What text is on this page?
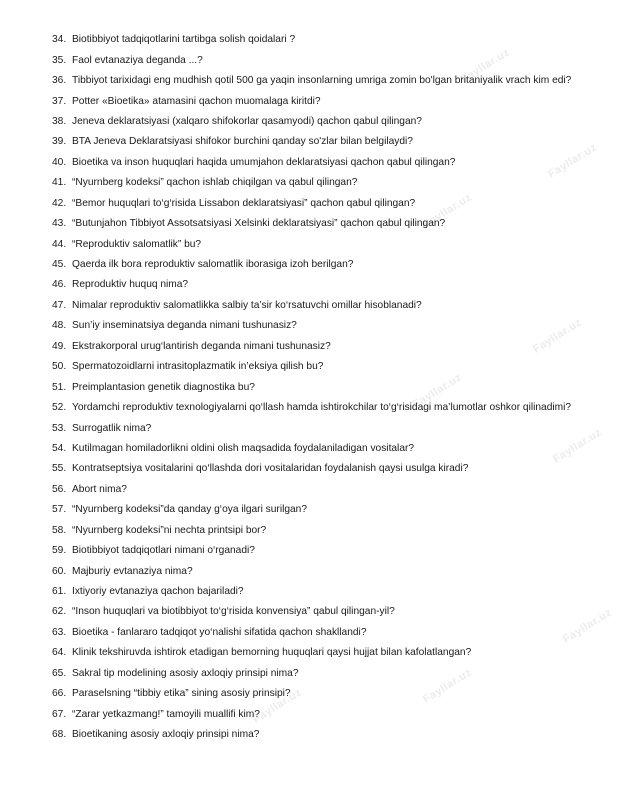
Fayllar.uz
Fayllar.uz
Fayllar.uz
Fayllar.uz
Fayllar.uz
Fayllar.uz
Fayllar.uz
Fayllar.uz
Fayllar.uz
34. Biotibbiyot tadqiqotlarini tartibga solish qoidalari ?
35. Faol evtanaziya deganda ...?
36. Tibbiyot tarixidagi eng mudhish qotil 500 ga yaqin insonlarning umriga zomin bo'lgan britaniyalik vrach kim edi?
37. Potter «Bioetika» atamasini qachon muomalaga kiritdi?
38. Jeneva deklaratsiyasi (xalqaro shifokorlar qasamyodi) qachon qabul qilingan?
39. BTA Jeneva Deklaratsiyasi shifokor burchini qanday so'zlar bilan belgilaydi?
40. Bioetika va inson huquqlari haqida umumjahon deklaratsiyasi qachon qabul qilingan?
41. “Nyurnberg kodeksi” qachon ishlab chiqilgan va qabul qilingan?
42. “Bemor huquqlari to‘g‘risida Lissabon deklaratsiyasi” qachon qabul qilingan?
43. “Butunjahon Tibbiyot Assotsatsiyasi Xelsinki deklaratsiyasi” qachon qabul qilingan?
44. “Reproduktiv salomatlik” bu?
45. Qaerda ilk bora reproduktiv salomatlik iborasiga izoh berilgan?
46. Reproduktiv huquq nima?
47. Nimalar reproduktiv salomatlikka salbiy ta’sir ko‘rsatuvchi omillar hisoblanadi?
48. Sun’iy inseminatsiya deganda nimani tushunasiz?
49. Ekstrakorporal urug‘lantirish deganda nimani tushunasiz?
50. Spermatozoidlarni intrasitoplazmatik in’eksiya qilish bu?
51. Preimplantasion genetik diagnostika bu?
52. Yordamchi reproduktiv texnologiyalarni qo‘llash hamda ishtirokchilar to‘g‘risidagi ma’lumotlar oshkor qilinadimi?
53. Surrogatlik nima?
54. Kutilmagan homiladorlikni oldini olish maqsadida foydalaniladigan vositalar?
55. Kontratseptsiya vositalarini qo‘llashda dori vositalaridan foydalanish qaysi usulga kiradi?
56. Abort nima?
57. “Nyurnberg kodeksi”da qanday g‘oya ilgari surilgan?
58. “Nyurnberg kodeksi”ni nechta printsipi bor?
59. Biotibbiyot tadqiqotlari nimani o‘rganadi?
60. Majburiy evtanaziya nima?
61. Ixtiyoriy evtanaziya qachon bajariladi?
62. “Inson huquqlari va biotibbiyot to‘g‘risida konvensiya” qabul qilingan-yil?
63. Bioetika - fanlararo tadqiqot yo‘nalishi sifatida qachon shakllandi?
64. Klinik tekshiruvda ishtirok etadigan bemorning huquqlari qaysi hujjat bilan kafolatlangan?
65. Sakral tip modelining asosiy axloqiy prinsipi nima?
66. Paraselsning “tibbiy etika” sining asosiy prinsipi?
67. “Zarar yetkazmang!” tamoyili muallifi kim?
68. Bioetikaning asosiy axloqiy prinsipi nima?
